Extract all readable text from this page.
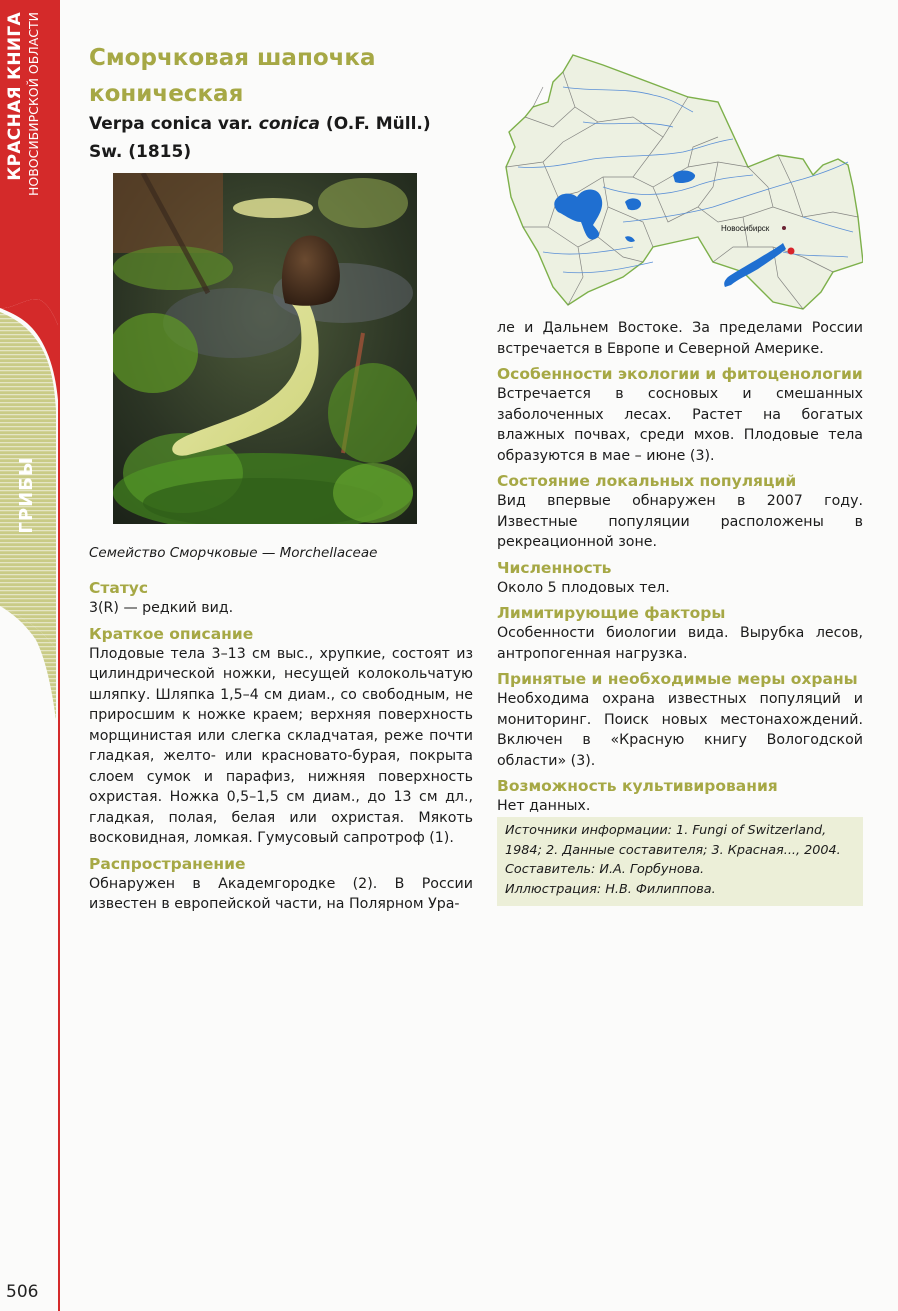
КРАСНАЯ КНИГА НОВОСИБИРСКОЙ ОБЛАСТИ
ГРИБЫ
506
Сморчковая шапочка
коническая
Verpa conica var. conica (O.F. Müll.)
Sw. (1815)
Семейство Сморчковые — Morchellaceae
Статус

3(R) — редкий вид.

Краткое описание

Плодовые тела 3–13 см выс., хрупкие, состоят из цилиндрической ножки, несущей колокольчатую шляпку. Шляпка 1,5–4 см диам., со свободным, не приросшим к ножке краем; верхняя поверхность морщинистая или слегка складчатая, реже почти гладкая, желто- или красновато-бурая, покрыта слоем сумок и парафиз, нижняя поверхность охристая. Ножка 0,5–1,5 см диам., до 13 см дл., гладкая, полая, белая или охристая. Мякоть восковидная, ломкая. Гумусовый сапротроф (1).

Распространение

Обнаружен в Академгородке (2). В России известен в европейской части, на Полярном Ура-

Новосибирск

ле и Дальнем Востоке. За пределами России встречается в Европе и Северной Америке.

Особенности экологии и фитоценологии

Встречается в сосновых и смешанных заболоченных лесах. Растет на богатых влажных почвах, среди мхов. Плодовые тела образуются в мае – июне (3).

Состояние локальных популяций

Вид впервые обнаружен в 2007 году. Известные популяции расположены в рекреационной зоне.

Численность

Около 5 плодовых тел.

Лимитирующие факторы

Особенности биологии вида. Вырубка лесов, антропогенная нагрузка.

Принятые и необходимые меры охраны

Необходима охрана известных популяций и мониторинг. Поиск новых местонахождений. Включен в «Красную книгу Вологодской области» (3).

Возможность культивирования

Нет данных.

Источники информации: 1. Fungi of Switzerland,
1984; 2. Данные составителя; 3. Красная..., 2004.
Составитель: И.А. Горбунова.
Иллюстрация: Н.В. Филиппова.
